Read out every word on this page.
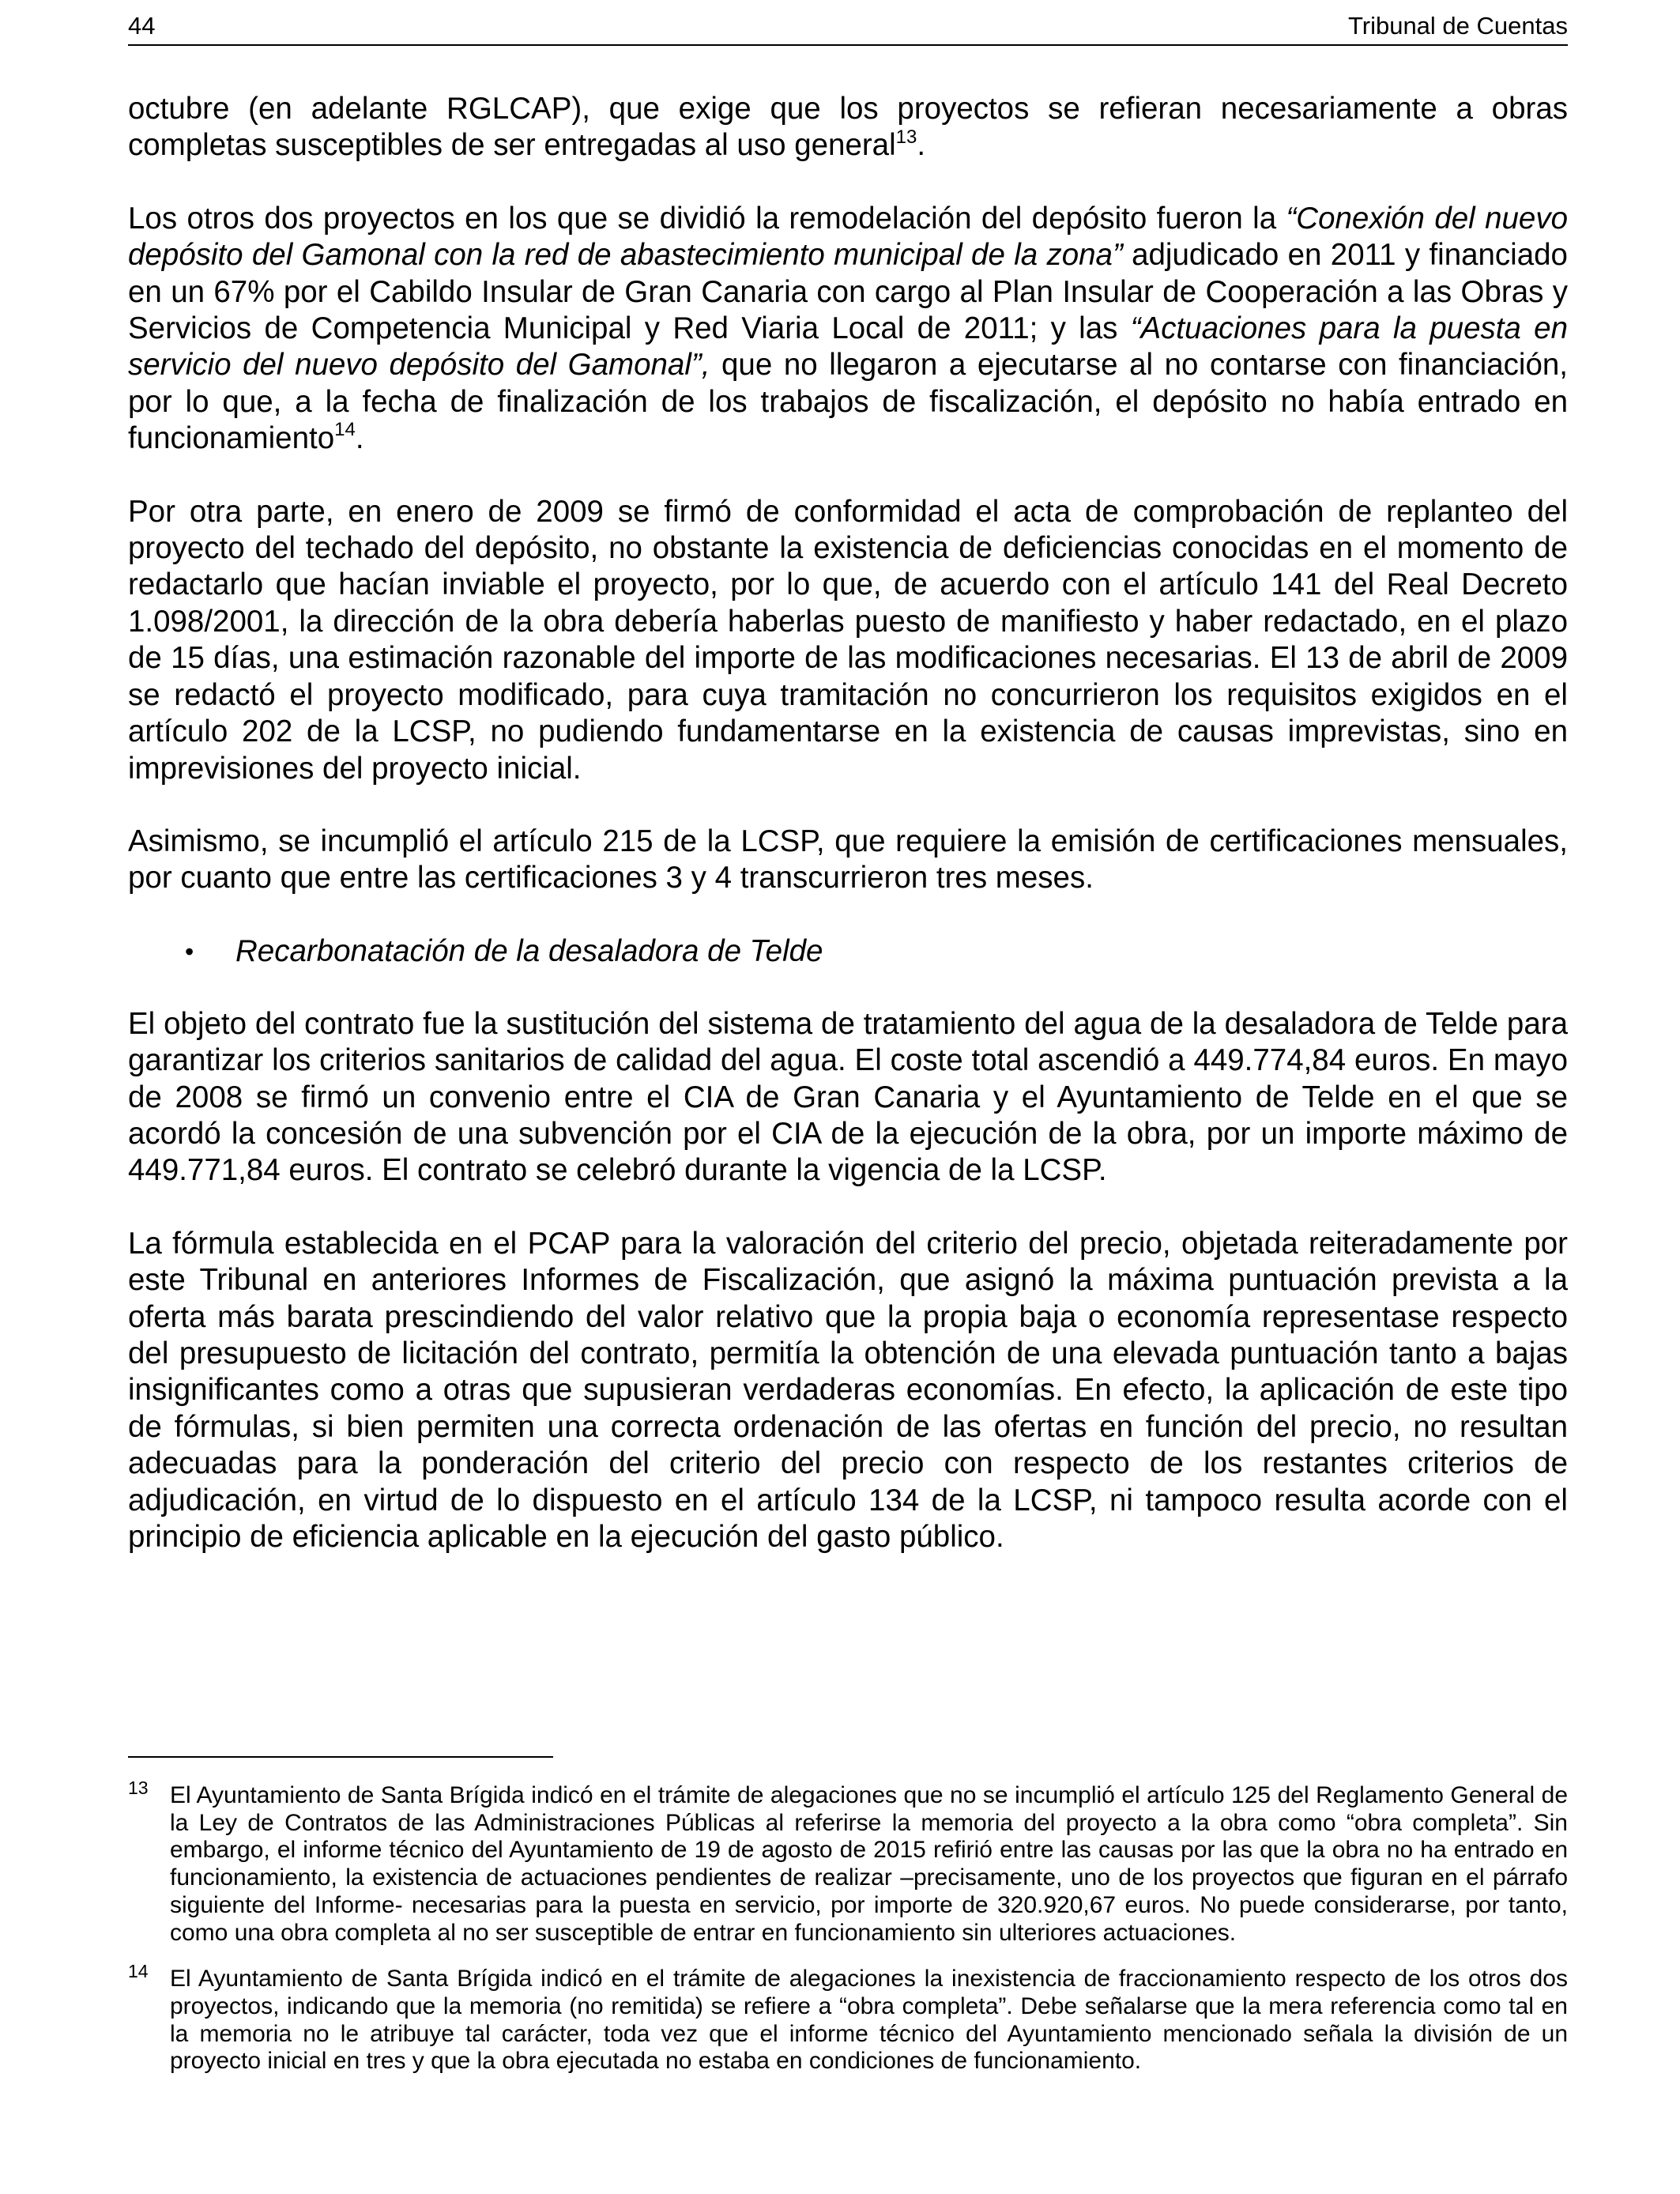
44	Tribunal de Cuentas

octubre (en adelante RGLCAP), que exige que los proyectos se refieran necesariamente a obras completas susceptibles de ser entregadas al uso general$^{13}$.

Los otros dos proyectos en los que se dividió la remodelación del depósito fueron la “Conexión del nuevo depósito del Gamonal con la red de abastecimiento municipal de la zona” adjudicado en 2011 y financiado en un 67% por el Cabildo Insular de Gran Canaria con cargo al Plan Insular de Cooperación a las Obras y Servicios de Competencia Municipal y Red Viaria Local de 2011; y las “Actuaciones para la puesta en servicio del nuevo depósito del Gamonal”, que no llegaron a ejecutarse al no contarse con financiación, por lo que, a la fecha de finalización de los trabajos de fiscalización, el depósito no había entrado en funcionamiento$^{14}$.

Por otra parte, en enero de 2009 se firmó de conformidad el acta de comprobación de replanteo del proyecto del techado del depósito, no obstante la existencia de deficiencias conocidas en el momento de redactarlo que hacían inviable el proyecto, por lo que, de acuerdo con el artículo 141 del Real Decreto 1.098/2001, la dirección de la obra debería haberlas puesto de manifiesto y haber redactado, en el plazo de 15 días, una estimación razonable del importe de las modificaciones necesarias. El 13 de abril de 2009 se redactó el proyecto modificado, para cuya tramitación no concurrieron los requisitos exigidos en el artículo 202 de la LCSP, no pudiendo fundamentarse en la existencia de causas imprevistas, sino en imprevisiones del proyecto inicial.

Asimismo, se incumplió el artículo 215 de la LCSP, que requiere la emisión de certificaciones mensuales, por cuanto que entre las certificaciones 3 y 4 transcurrieron tres meses.

• Recarbonatación de la desaladora de Telde

El objeto del contrato fue la sustitución del sistema de tratamiento del agua de la desaladora de Telde para garantizar los criterios sanitarios de calidad del agua. El coste total ascendió a 449.774,84 euros. En mayo de 2008 se firmó un convenio entre el CIA de Gran Canaria y el Ayuntamiento de Telde en el que se acordó la concesión de una subvención por el CIA de la ejecución de la obra, por un importe máximo de 449.771,84 euros. El contrato se celebró durante la vigencia de la LCSP.

La fórmula establecida en el PCAP para la valoración del criterio del precio, objetada reiteradamente por este Tribunal en anteriores Informes de Fiscalización, que asignó la máxima puntuación prevista a la oferta más barata prescindiendo del valor relativo que la propia baja o economía representase respecto del presupuesto de licitación del contrato, permitía la obtención de una elevada puntuación tanto a bajas insignificantes como a otras que supusieran verdaderas economías. En efecto, la aplicación de este tipo de fórmulas, si bien permiten una correcta ordenación de las ofertas en función del precio, no resultan adecuadas para la ponderación del criterio del precio con respecto de los restantes criterios de adjudicación, en virtud de lo dispuesto en el artículo 134 de la LCSP, ni tampoco resulta acorde con el principio de eficiencia aplicable en la ejecución del gasto público.

13 El Ayuntamiento de Santa Brígida indicó en el trámite de alegaciones que no se incumplió el artículo 125 del Reglamento General de la Ley de Contratos de las Administraciones Públicas al referirse la memoria del proyecto a la obra como “obra completa”. Sin embargo, el informe técnico del Ayuntamiento de 19 de agosto de 2015 refirió entre las causas por las que la obra no ha entrado en funcionamiento, la existencia de actuaciones pendientes de realizar –precisamente, uno de los proyectos que figuran en el párrafo siguiente del Informe- necesarias para la puesta en servicio, por importe de 320.920,67 euros. No puede considerarse, por tanto, como una obra completa al no ser susceptible de entrar en funcionamiento sin ulteriores actuaciones.
14 El Ayuntamiento de Santa Brígida indicó en el trámite de alegaciones la inexistencia de fraccionamiento respecto de los otros dos proyectos, indicando que la memoria (no remitida) se refiere a “obra completa”. Debe señalarse que la mera referencia como tal en la memoria no le atribuye tal carácter, toda vez que el informe técnico del Ayuntamiento mencionado señala la división de un proyecto inicial en tres y que la obra ejecutada no estaba en condiciones de funcionamiento.
